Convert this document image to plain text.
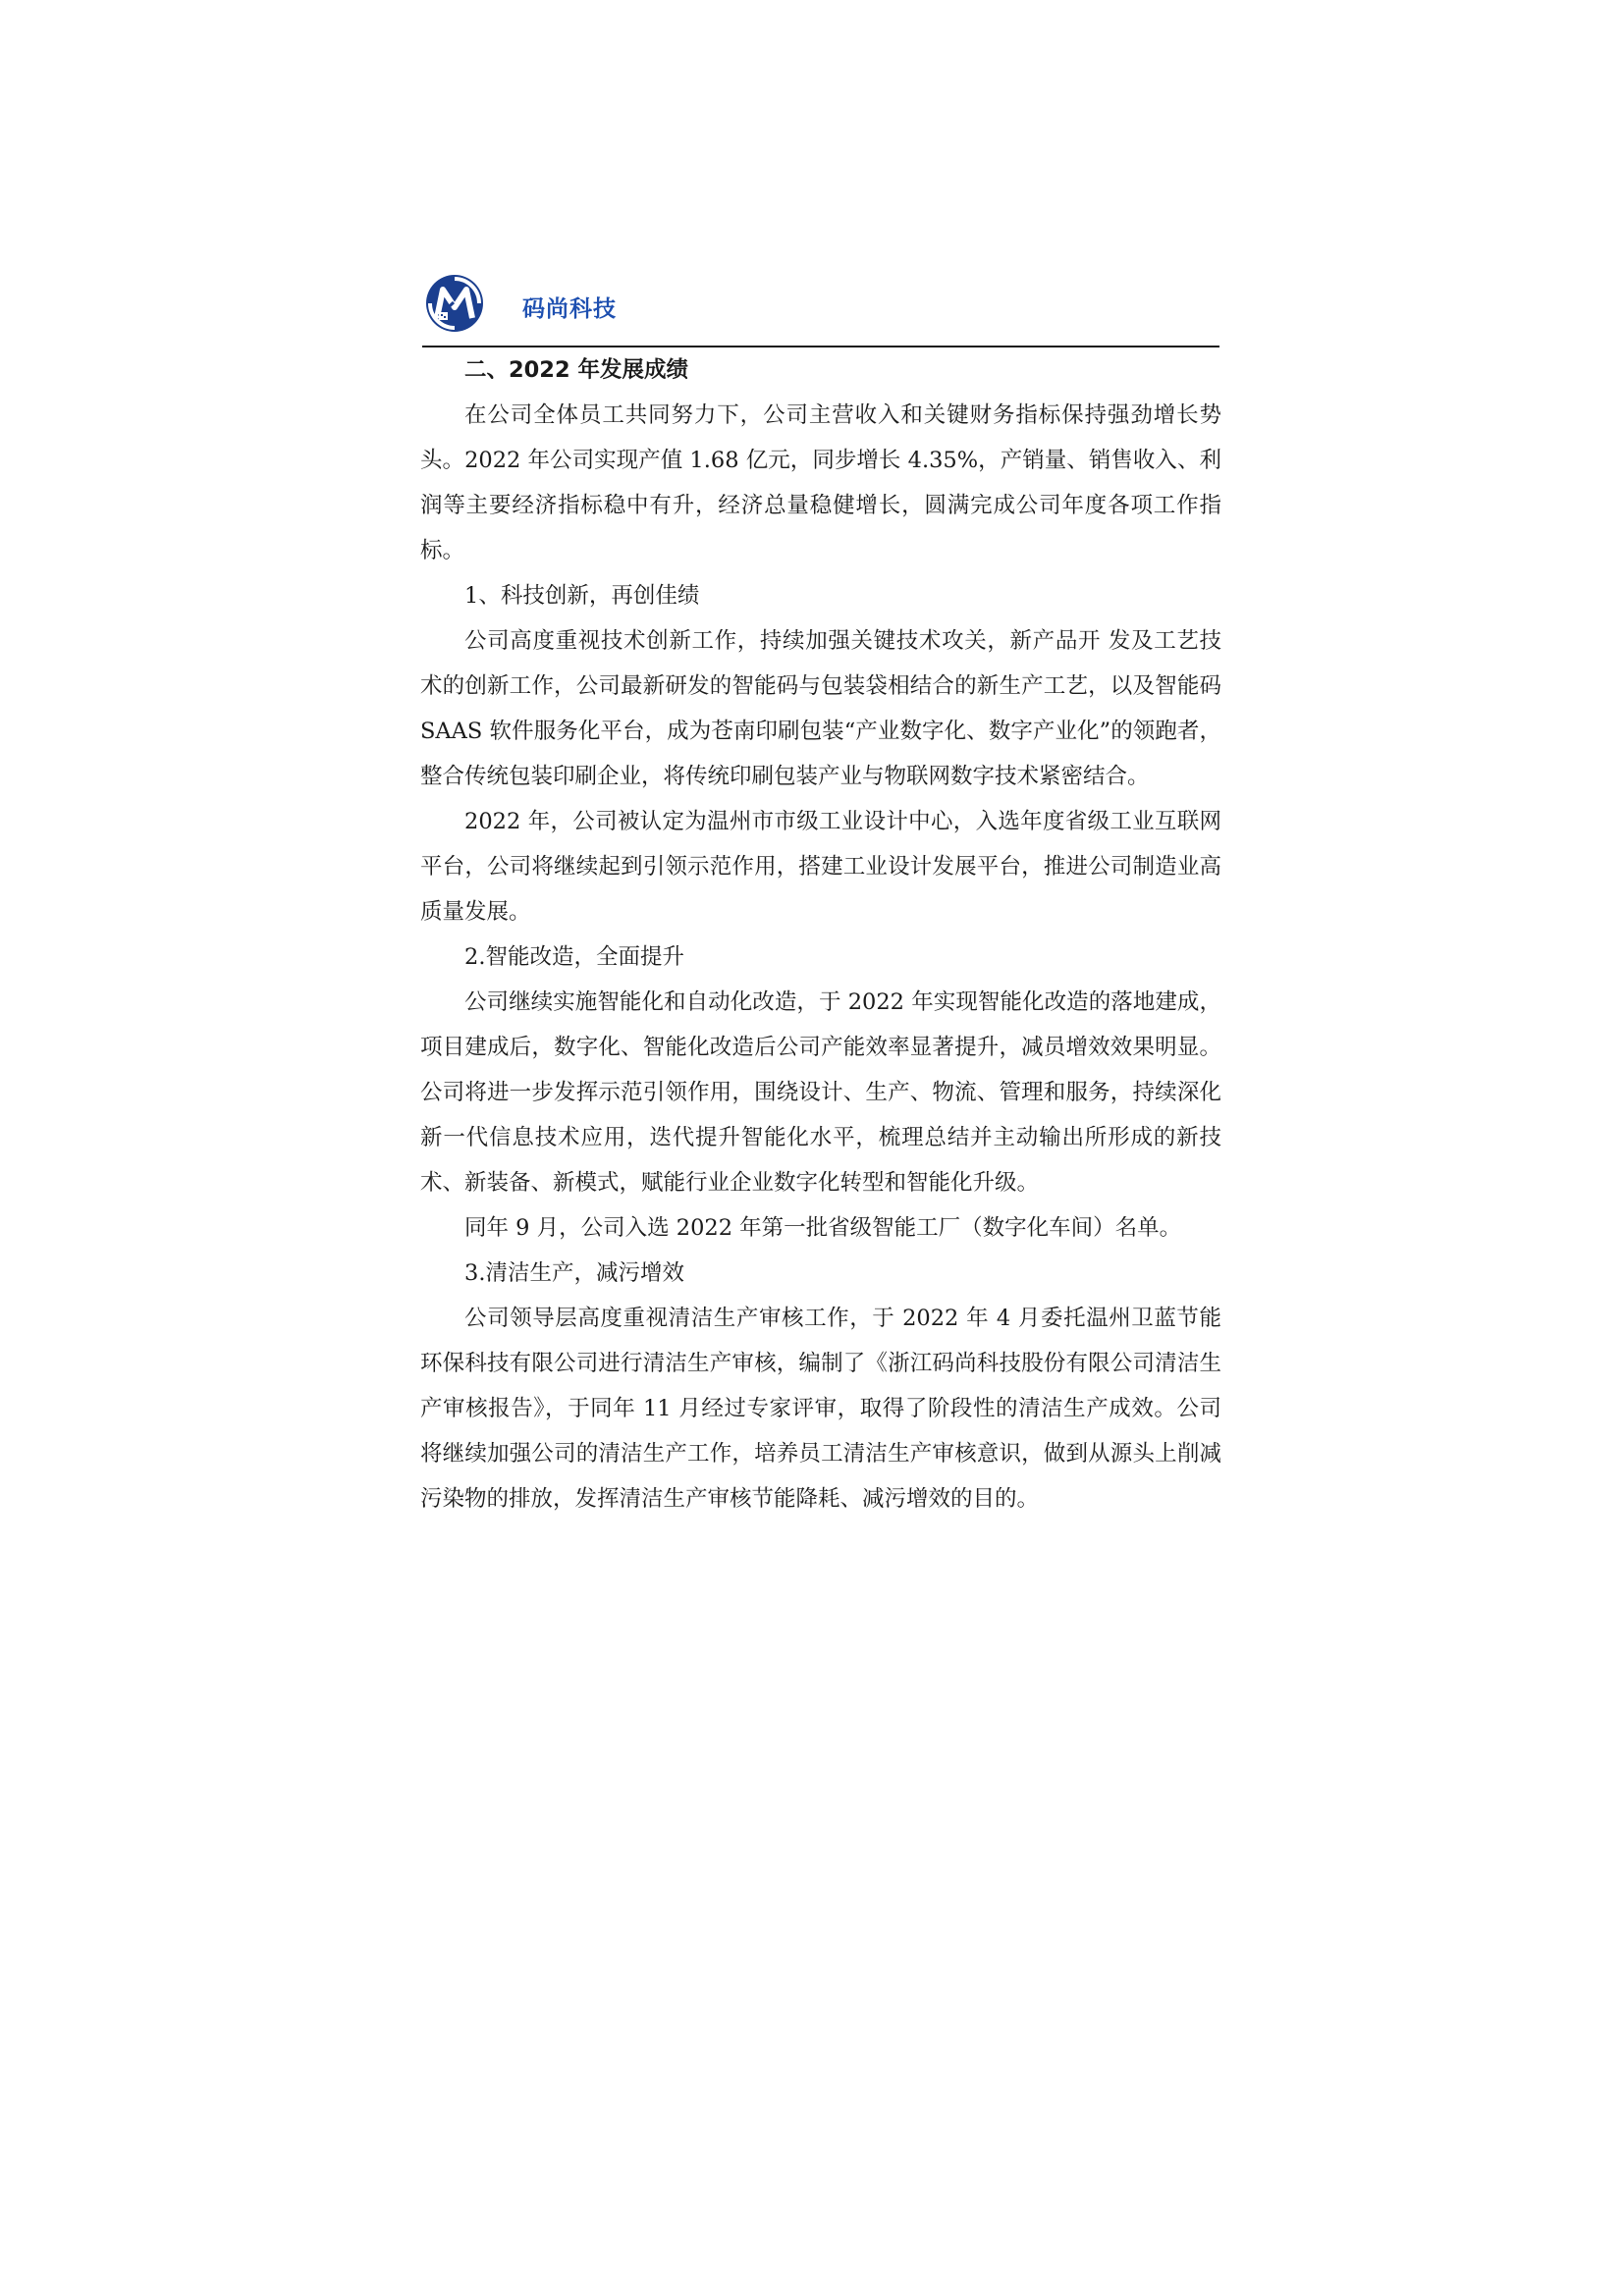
码尚科技

二、2022 年发展成绩

在公司全体员工共同努力下，公司主营收入和关键财务指标保持强劲增长势头。2022 年公司实现产值 1.68 亿元，同步增长 4.35%，产销量、销售收入、利润等主要经济指标稳中有升，经济总量稳健增长，圆满完成公司年度各项工作指标。

1、科技创新，再创佳绩

公司高度重视技术创新工作，持续加强关键技术攻关，新产品开 发及工艺技术的创新工作，公司最新研发的智能码与包装袋相结合的新生产工艺，以及智能码 SAAS 软件服务化平台，成为苍南印刷包装“产业数字化、数字产业化”的领跑者，整合传统包装印刷企业，将传统印刷包装产业与物联网数字技术紧密结合。

2022 年，公司被认定为温州市市级工业设计中心，入选年度省级工业互联网平台，公司将继续起到引领示范作用，搭建工业设计发展平台，推进公司制造业高质量发展。

2.智能改造，全面提升

公司继续实施智能化和自动化改造，于 2022 年实现智能化改造的落地建成，项目建成后，数字化、智能化改造后公司产能效率显著提升，减员增效效果明显。公司将进一步发挥示范引领作用，围绕设计、生产、物流、管理和服务，持续深化新一代信息技术应用，迭代提升智能化水平，梳理总结并主动输出所形成的新技术、新装备、新模式，赋能行业企业数字化转型和智能化升级。

同年 9 月，公司入选 2022 年第一批省级智能工厂（数字化车间）名单。

3.清洁生产，减污增效

公司领导层高度重视清洁生产审核工作，于 2022 年 4 月委托温州卫蓝节能环保科技有限公司进行清洁生产审核，编制了《浙江码尚科技股份有限公司清洁生产审核报告》，于同年 11 月经过专家评审，取得了阶段性的清洁生产成效。公司将继续加强公司的清洁生产工作，培养员工清洁生产审核意识，做到从源头上削减污染物的排放，发挥清洁生产审核节能降耗、减污增效的目的。
